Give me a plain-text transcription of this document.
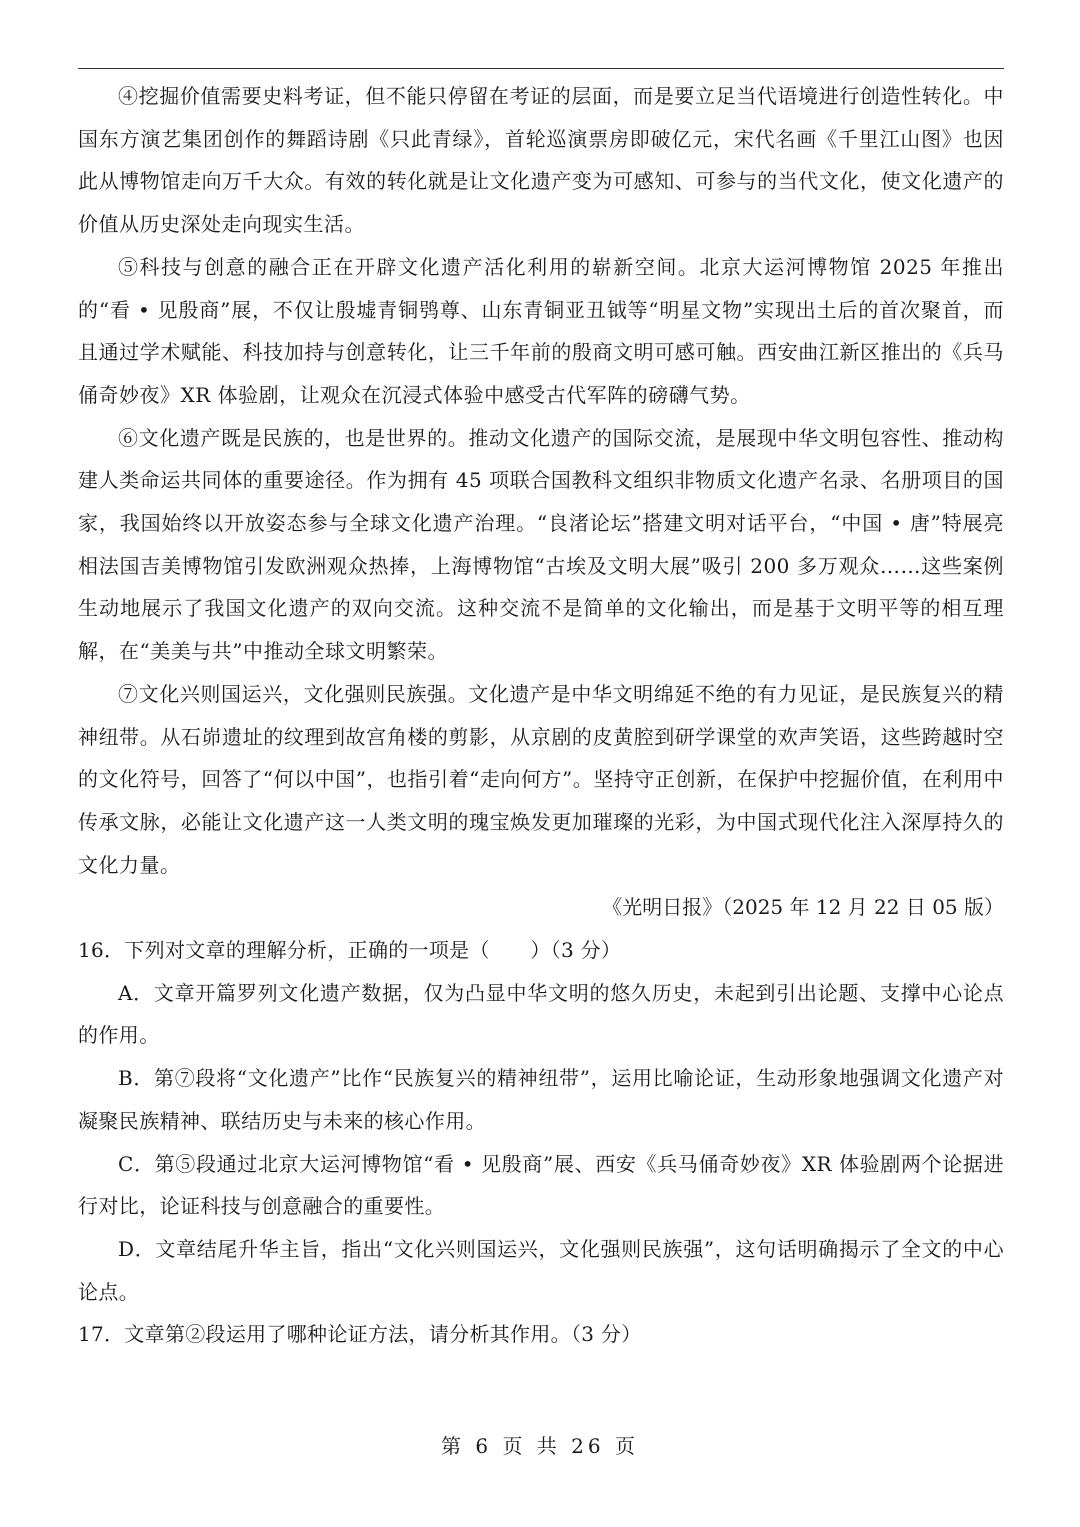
④挖掘价值需要史料考证，但不能只停留在考证的层面，而是要立足当代语境进行创造性转化。中国东方演艺集团创作的舞蹈诗剧《只此青绿》，首轮巡演票房即破亿元，宋代名画《千里江山图》也因此从博物馆走向万千大众。有效的转化就是让文化遗产变为可感知、可参与的当代文化，使文化遗产的价值从历史深处走向现实生活。

⑤科技与创意的融合正在开辟文化遗产活化利用的崭新空间。北京大运河博物馆 2025 年推出的“看 • 见殷商”展，不仅让殷墟青铜鸮尊、山东青铜亚丑钺等“明星文物”实现出土后的首次聚首，而且通过学术赋能、科技加持与创意转化，让三千年前的殷商文明可感可触。西安曲江新区推出的《兵马俑奇妙夜》XR 体验剧，让观众在沉浸式体验中感受古代军阵的磅礴气势。

⑥文化遗产既是民族的，也是世界的。推动文化遗产的国际交流，是展现中华文明包容性、推动构建人类命运共同体的重要途径。作为拥有 45 项联合国教科文组织非物质文化遗产名录、名册项目的国家，我国始终以开放姿态参与全球文化遗产治理。“良渚论坛”搭建文明对话平台，“中国 • 唐”特展亮相法国吉美博物馆引发欧洲观众热捧，上海博物馆“古埃及文明大展”吸引 200 多万观众……这些案例生动地展示了我国文化遗产的双向交流。这种交流不是简单的文化输出，而是基于文明平等的相互理解，在“美美与共”中推动全球文明繁荣。

⑦文化兴则国运兴，文化强则民族强。文化遗产是中华文明绵延不绝的有力见证，是民族复兴的精神纽带。从石峁遗址的纹理到故宫角楼的剪影，从京剧的皮黄腔到研学课堂的欢声笑语，这些跨越时空的文化符号，回答了“何以中国”，也指引着“走向何方”。坚持守正创新，在保护中挖掘价值，在利用中传承文脉，必能让文化遗产这一人类文明的瑰宝焕发更加璀璨的光彩，为中国式现代化注入深厚持久的文化力量。

《光明日报》（2025 年 12 月 22 日 05 版）

16．下列对文章的理解分析，正确的一项是（　　）（3 分）

A．文章开篇罗列文化遗产数据，仅为凸显中华文明的悠久历史，未起到引出论题、支撑中心论点的作用。

B．第⑦段将“文化遗产”比作“民族复兴的精神纽带”，运用比喻论证，生动形象地强调文化遗产对凝聚民族精神、联结历史与未来的核心作用。

C．第⑤段通过北京大运河博物馆“看 • 见殷商”展、西安《兵马俑奇妙夜》XR 体验剧两个论据进行对比，论证科技与创意融合的重要性。

D．文章结尾升华主旨，指出“文化兴则国运兴，文化强则民族强”，这句话明确揭示了全文的中心论点。

17．文章第②段运用了哪种论证方法，请分析其作用。（3 分）

第 6 页 共 26 页
